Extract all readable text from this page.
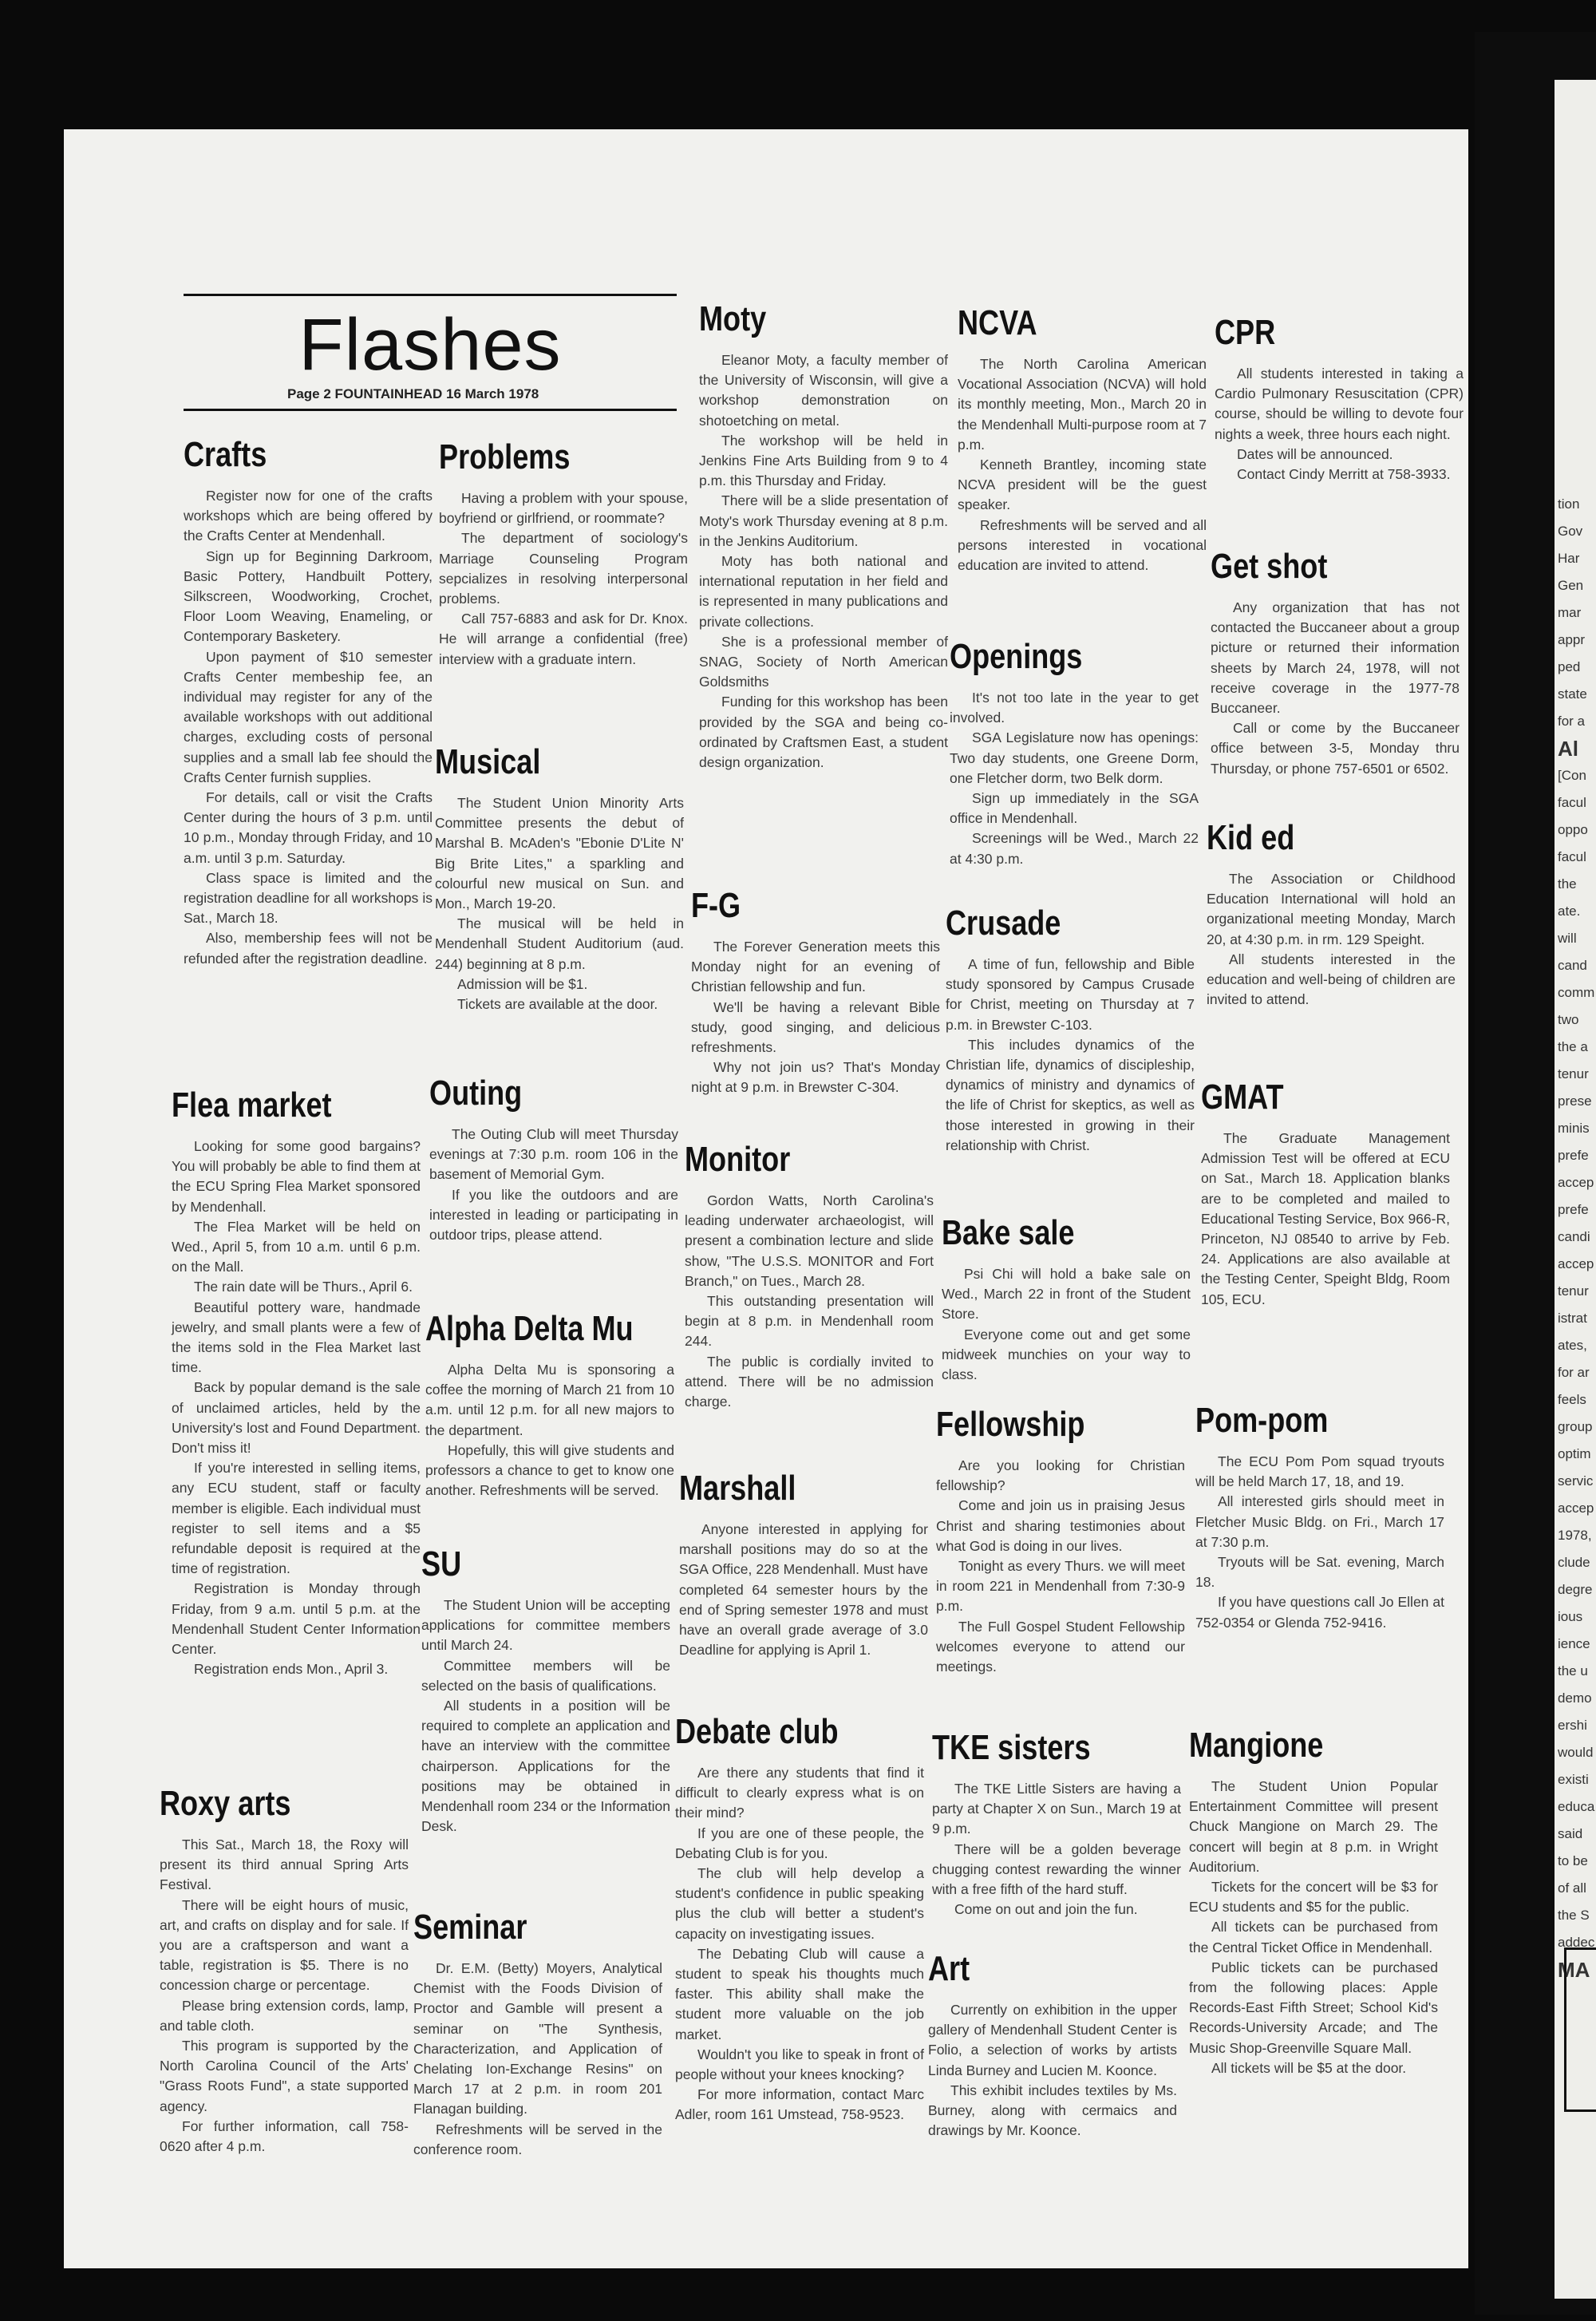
Flashes
Page 2 FOUNTAINHEAD 16 March 1978
Crafts

Register now for one of the crafts workshops which are being offered by the Crafts Center at Mendenhall.

Sign up for Beginning Darkroom, Basic Pottery, Handbuilt Pottery, Silkscreen, Woodworking, Crochet, Floor Loom Weaving, Enameling, or Contemporary Basketery.

Upon payment of $10 semester Crafts Center membeship fee, an individual may register for any of the available workshops with out additional charges, excluding costs of personal supplies and a small lab fee should the Crafts Center furnish supplies.

For details, call or visit the Crafts Center during the hours of 3 p.m. until 10 p.m., Monday through Friday, and 10 a.m. until 3 p.m. Saturday.

Class space is limited and the registration deadline for all workshops is Sat., March 18.

Also, membership fees will not be refunded after the registration deadline.

Flea market

Looking for some good bargains? You will probably be able to find them at the ECU Spring Flea Market sponsored by Mendenhall.

The Flea Market will be held on Wed., April 5, from 10 a.m. until 6 p.m. on the Mall.

The rain date will be Thurs., April 6.

Beautiful pottery ware, handmade jewelry, and small plants were a few of the items sold in the Flea Market last time.

Back by popular demand is the sale of unclaimed articles, held by the University's lost and Found Department. Don't miss it!

If you're interested in selling items, any ECU student, staff or faculty member is eligible. Each individual must register to sell items and a $5 refundable deposit is required at the time of registration.

Registration is Monday through Friday, from 9 a.m. until 5 p.m. at the Mendenhall Student Center Information Center.

Registration ends Mon., April 3.

Roxy arts

This Sat., March 18, the Roxy will present its third annual Spring Arts Festival.

There will be eight hours of music, art, and crafts on display and for sale. If you are a craftsperson and want a table, registration is $5. There is no concession charge or percentage.

Please bring extension cords, lamp, and table cloth.

This program is supported by the North Carolina Council of the Arts' "Grass Roots Fund", a state supported agency.

For further information, call 758-0620 after 4 p.m.

Problems

Having a problem with your spouse, boyfriend or girlfriend, or roommate?

The department of sociology's Marriage Counseling Program sepcializes in resolving interpersonal problems.

Call 757-6883 and ask for Dr. Knox. He will arrange a confidential (free) interview with a graduate intern.

Musical

The Student Union Minority Arts Committee presents the debut of Marshal B. McAden's "Ebonie D'Lite N' Big Brite Lites," a sparkling and colourful new musical on Sun. and Mon., March 19-20.

The musical will be held in Mendenhall Student Auditorium (aud. 244) beginning at 8 p.m.

Admission will be $1.

Tickets are available at the door.

Outing

The Outing Club will meet Thursday evenings at 7:30 p.m. room 106 in the basement of Memorial Gym.

If you like the outdoors and are interested in leading or participating in outdoor trips, please attend.

Alpha Delta Mu

Alpha Delta Mu is sponsoring a coffee the morning of March 21 from 10 a.m. until 12 p.m. for all new majors to the department.

Hopefully, this will give students and professors a chance to get to know one another. Refreshments will be served.

SU

The Student Union will be accepting applications for committee members until March 24.

Committee members will be selected on the basis of qualifications.

All students in a position will be required to complete an application and have an interview with the committee chairperson. Applications for the positions may be obtained in Mendenhall room 234 or the Information Desk.

Seminar

Dr. E.M. (Betty) Moyers, Analytical Chemist with the Foods Division of Proctor and Gamble will present a seminar on "The Synthesis, Characterization, and Application of Chelating Ion-Exchange Resins" on March 17 at 2 p.m. in room 201 Flanagan building.

Refreshments will be served in the conference room.

Moty

Eleanor Moty, a faculty member of the University of Wisconsin, will give a workshop demonstration on shotoetching on metal.

The workshop will be held in Jenkins Fine Arts Building from 9 to 4 p.m. this Thursday and Friday.

There will be a slide presentation of Moty's work Thursday evening at 8 p.m. in the Jenkins Auditorium.

Moty has both national and international reputation in her field and is represented in many publications and private collections.

She is a professional member of SNAG, Society of North American Goldsmiths

Funding for this workshop has been provided by the SGA and being co-ordinated by Craftsmen East, a student design organization.

F-G

The Forever Generation meets this Monday night for an evening of Christian fellowship and fun.

We'll be having a relevant Bible study, good singing, and delicious refreshments.

Why not join us? That's Monday night at 9 p.m. in Brewster C-304.

Monitor

Gordon Watts, North Carolina's leading underwater archaeologist, will present a combination lecture and slide show, "The U.S.S. MONITOR and Fort Branch," on Tues., March 28.

This outstanding presentation will begin at 8 p.m. in Mendenhall room 244.

The public is cordially invited to attend. There will be no admission charge.

Marshall

Anyone interested in applying for marshall positions may do so at the SGA Office, 228 Mendenhall. Must have completed 64 semester hours by the end of Spring semester 1978 and must have an overall grade average of 3.0 Deadline for applying is April 1.

Debate club

Are there any students that find it difficult to clearly express what is on their mind?

If you are one of these people, the Debating Club is for you.

The club will help develop a student's confidence in public speaking plus the club will better a student's capacity on investigating issues.

The Debating Club will cause a student to speak his thoughts much faster. This ability shall make the student more valuable on the job market.

Wouldn't you like to speak in front of people without your knees knocking?

For more information, contact Marc Adler, room 161 Umstead, 758-9523.

NCVA

The North Carolina American Vocational Association (NCVA) will hold its monthly meeting, Mon., March 20 in the Mendenhall Multi-purpose room at 7 p.m.

Kenneth Brantley, incoming state NCVA president will be the guest speaker.

Refreshments will be served and all persons interested in vocational education are invited to attend.

Openings

It's not too late in the year to get involved.

SGA Legislature now has openings: Two day students, one Greene Dorm, one Fletcher dorm, two Belk dorm.

Sign up immediately in the SGA office in Mendenhall.

Screenings will be Wed., March 22 at 4:30 p.m.

Crusade

A time of fun, fellowship and Bible study sponsored by Campus Crusade for Christ, meeting on Thursday at 7 p.m. in Brewster C-103.

This includes dynamics of the Christian life, dynamics of discipleship, dynamics of ministry and dynamics of the life of Christ for skeptics, as well as those interested in growing in their relationship with Christ.

Bake sale

Psi Chi will hold a bake sale on Wed., March 22 in front of the Student Store.

Everyone come out and get some midweek munchies on your way to class.

Fellowship

Are you looking for Christian fellowship?

Come and join us in praising Jesus Christ and sharing testimonies about what God is doing in our lives.

Tonight as every Thurs. we will meet in room 221 in Mendenhall from 7:30-9 p.m.

The Full Gospel Student Fellowship welcomes everyone to attend our meetings.

TKE sisters

The TKE Little Sisters are having a party at Chapter X on Sun., March 19 at 9 p.m.

There will be a golden beverage chugging contest rewarding the winner with a free fifth of the hard stuff.

Come on out and join the fun.

Art

Currently on exhibition in the upper gallery of Mendenhall Student Center is Folio, a selection of works by artists Linda Burney and Lucien M. Koonce.

This exhibit includes textiles by Ms. Burney, along with cermaics and drawings by Mr. Koonce.

CPR

All students interested in taking a Cardio Pulmonary Resuscitation (CPR) course, should be willing to devote four nights a week, three hours each night.

Dates will be announced.

Contact Cindy Merritt at 758-3933.

Get shot

Any organization that has not contacted the Buccaneer about a group picture or returned their information sheets by March 24, 1978, will not receive coverage in the 1977-78 Buccaneer.

Call or come by the Buccaneer office between 3-5, Monday thru Thursday, or phone 757-6501 or 6502.

Kid ed

The Association or Childhood Education International will hold an organizational meeting Monday, March 20, at 4:30 p.m. in rm. 129 Speight.

All students interested in the education and well-being of children are invited to attend.

GMAT

The Graduate Management Admission Test will be offered at ECU on Sat., March 18. Application blanks are to be completed and mailed to Educational Testing Service, Box 966-R, Princeton, NJ 08540 to arrive by Feb. 24. Applications are also available at the Testing Center, Speight Bldg, Room 105, ECU.

Pom-pom

The ECU Pom Pom squad tryouts will be held March 17, 18, and 19.

All interested girls should meet in Fletcher Music Bldg. on Fri., March 17 at 7:30 p.m.

Tryouts will be Sat. evening, March 18.

If you have questions call Jo Ellen at 752-0354 or Glenda 752-9416.

Mangione

The Student Union Popular Entertainment Committee will present Chuck Mangione on March 29. The concert will begin at 8 p.m. in Wright Auditorium.

Tickets for the concert will be $3 for ECU students and $5 for the public.

All tickets can be purchased from the Central Ticket Office in Mendenhall.

Public tickets can be purchased from the following places: Apple Records-East Fifth Street; School Kid's Records-University Arcade; and The Music Shop-Greenville Square Mall.

All tickets will be $5 at the door.

tion
Gov
Har
Gen
mar
appr
ped
state
for a
Al
[Con
facul
oppo
facul
the
ate.
will
cand
comm
two
the a
tenur
prese
minis
prefe
accep
prefe
candi
accep
tenur
istrat
ates,
for ar
feels
group
optim
servic
accep
1978,
clude
degre
ious
ience
the u
demo
ershi
would
existi
educa
said
to be
of all
the S
addec
MA
